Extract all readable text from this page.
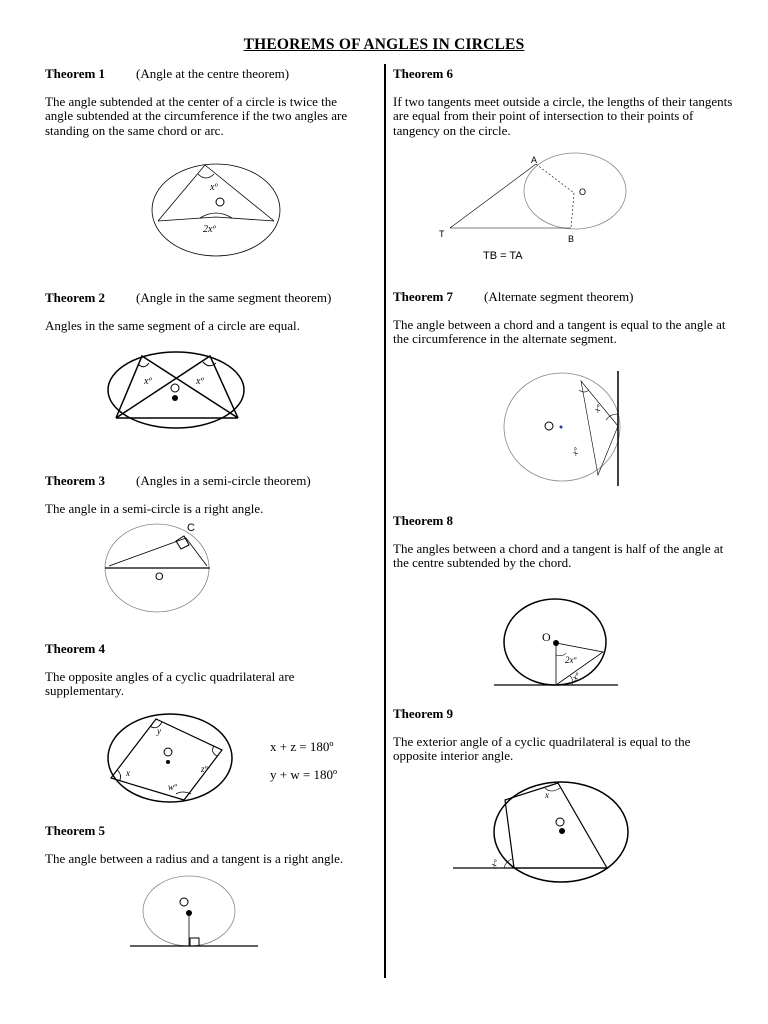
THEOREMS OF ANGLES IN CIRCLES
Theorem 1 (Angle at the centre theorem)
The angle subtended at the center of a circle is twice the angle subtended at the circumference if the two angles are standing on the same chord or arc.
xº
2xº
Theorem 2 (Angle in the same segment theorem)
Angles in the same segment of a circle are equal.
xº	xº
Theorem 3 (Angles in a semi-circle theorem)
The angle in a semi-circle is a right angle.
C
O
Theorem 4
The opposite angles of a cyclic quadrilateral are supplementary.
y
x	zº
wº
x + z = 180º
y + w = 180º
Theorem 5
The angle between a radius and a tangent is a right angle.
Theorem 6
If two tangents meet outside a circle, the lengths of their tangents are equal from their point of intersection to their points of tangency on the circle.
A
O
T	B
TB = TA
Theorem 7 (Alternate segment theorem)
The angle between a chord and a tangent is equal to the angle at the circumference in the alternate segment.
xº
xº
Theorem 8
The angles between a chord and a tangent is half of the angle at the centre subtended by the chord.
O
2xº
xº
Theorem 9
The exterior angle of a cyclic quadrilateral is equal to the opposite interior angle.
x
xº
